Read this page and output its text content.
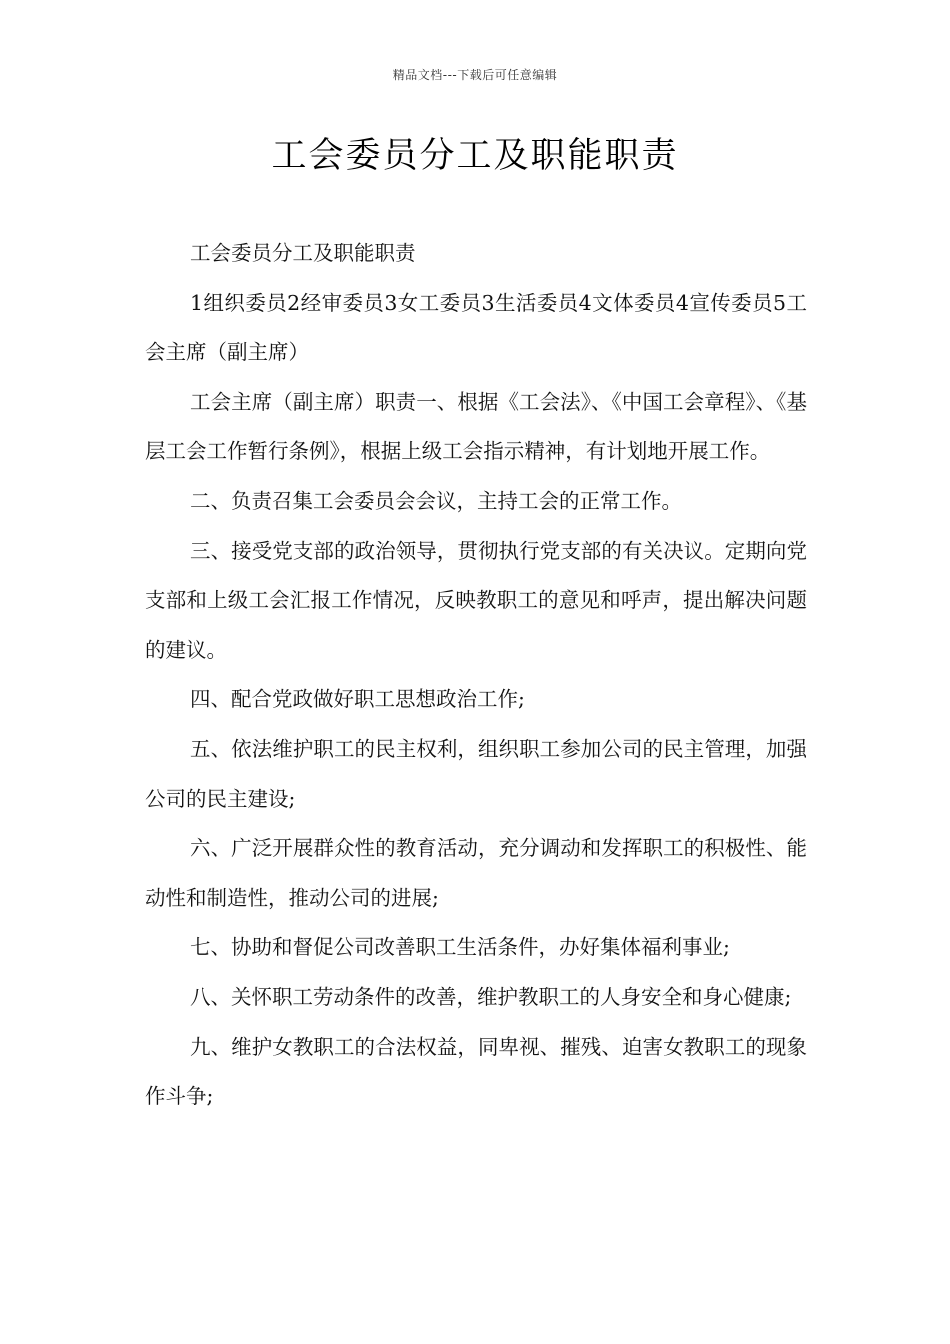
精品文档---下载后可任意编辑
工会委员分工及职能职责

工会委员分工及职能职责

1组织委员2经审委员3女工委员3生活委员4文体委员4宣传委员5工会主席（副主席）

工会主席（副主席）职责一、根据《工会法》、《中国工会章程》、《基层工会工作暂行条例》，根据上级工会指示精神，有计划地开展工作。

二、负责召集工会委员会会议，主持工会的正常工作。

三、接受党支部的政治领导，贯彻执行党支部的有关决议。定期向党支部和上级工会汇报工作情况，反映教职工的意见和呼声，提出解决问题的建议。

四、配合党政做好职工思想政治工作;

五、依法维护职工的民主权利，组织职工参加公司的民主管理，加强公司的民主建设;

六、广泛开展群众性的教育活动，充分调动和发挥职工的积极性、能动性和制造性，推动公司的进展;

七、协助和督促公司改善职工生活条件，办好集体福利事业;

八、关怀职工劳动条件的改善，维护教职工的人身安全和身心健康;

九、维护女教职工的合法权益，同卑视、摧残、迫害女教职工的现象作斗争;
